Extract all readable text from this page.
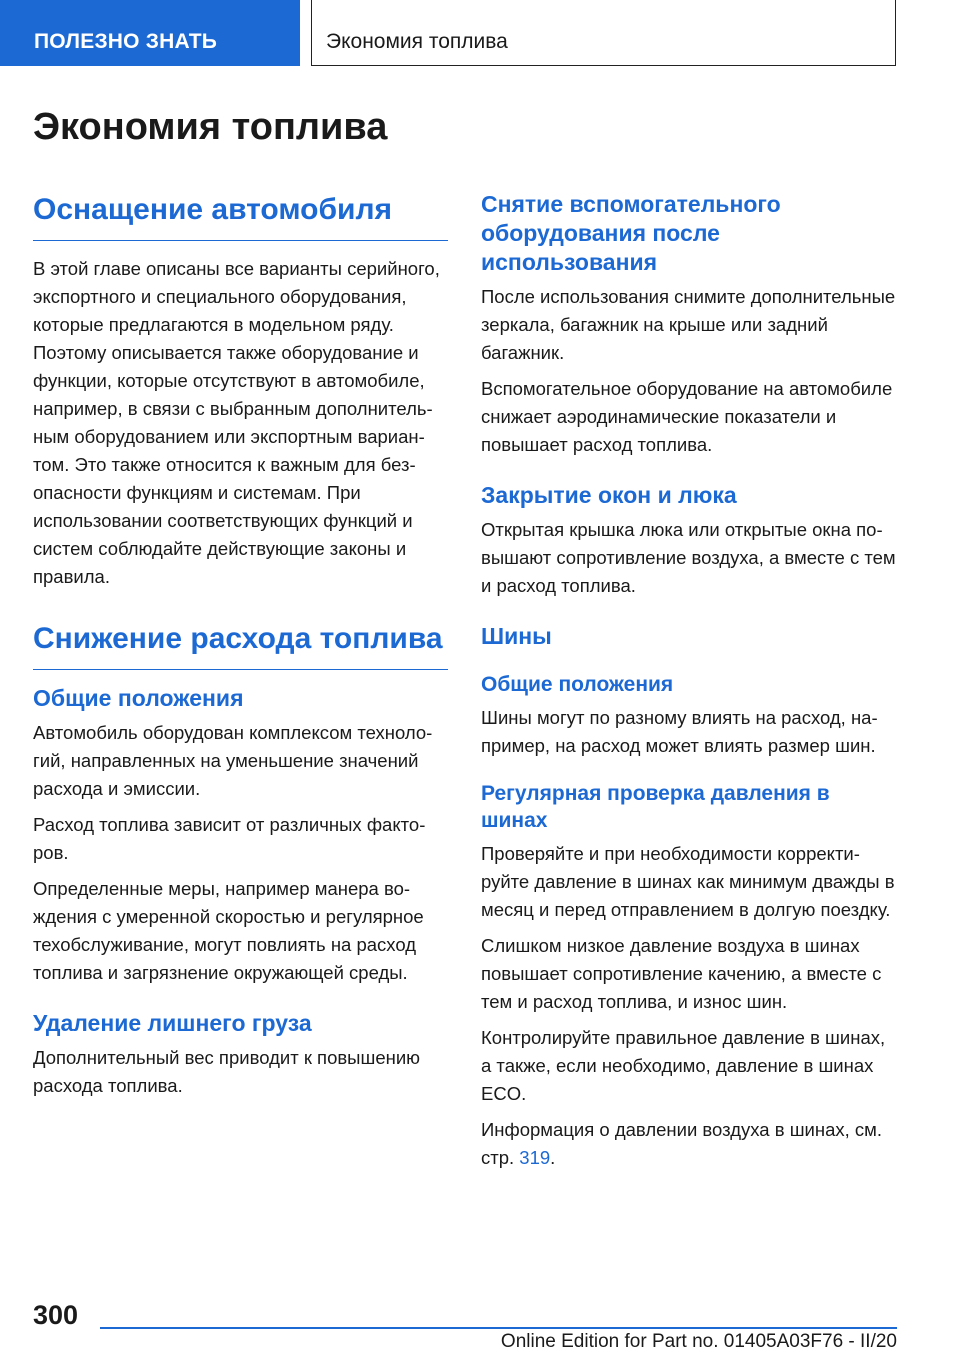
ПОЛЕЗНО ЗНАТЬ	Экономия топлива
Экономия топлива
Оснащение автомобиля

В этой главе описаны все варианты серийного, экспортного и специального оборудования, которые предлагаются в модельном ряду. Поэтому описывается также оборудование и функции, которые отсутствуют в автомобиле, например, в связи с выбранным дополнительным оборудованием или экспортным вариантом. Это также относится к важным для безопасности функциям и системам. При использовании соответствующих функций и систем соблюдайте действующие законы и правила.

Снижение расхода топлива
Общие положения

Автомобиль оборудован комплексом технологий, направленных на уменьшение значений расхода и эмиссии.

Расход топлива зависит от различных факторов.

Определенные меры, например манера вождения с умеренной скоростью и регулярное техобслуживание, могут повлиять на расход топлива и загрязнение окружающей среды.

Удаление лишнего груза

Дополнительный вес приводит к повышению расхода топлива.

Снятие вспомогательного оборудования после использования

После использования снимите дополнительные зеркала, багажник на крыше или задний багажник.

Вспомогательное оборудование на автомобиле снижает аэродинамические показатели и повышает расход топлива.

Закрытие окон и люка

Открытая крышка люка или открытые окна повышают сопротивление воздуха, а вместе с тем и расход топлива.

Шины
Общие положения

Шины могут по разному влиять на расход, например, на расход может влиять размер шин.

Регулярная проверка давления в шинах

Проверяйте и при необходимости корректируйте давление в шинах как минимум дважды в месяц и перед отправлением в долгую поездку.

Слишком низкое давление воздуха в шинах повышает сопротивление качению, а вместе с тем и расход топлива, и износ шин.

Контролируйте правильное давление в шинах, а также, если необходимо, давление в шинах ECO.

Информация о давлении воздуха в шинах, см. стр. 319.

300
Online Edition for Part no. 01405A03F76 - II/20
